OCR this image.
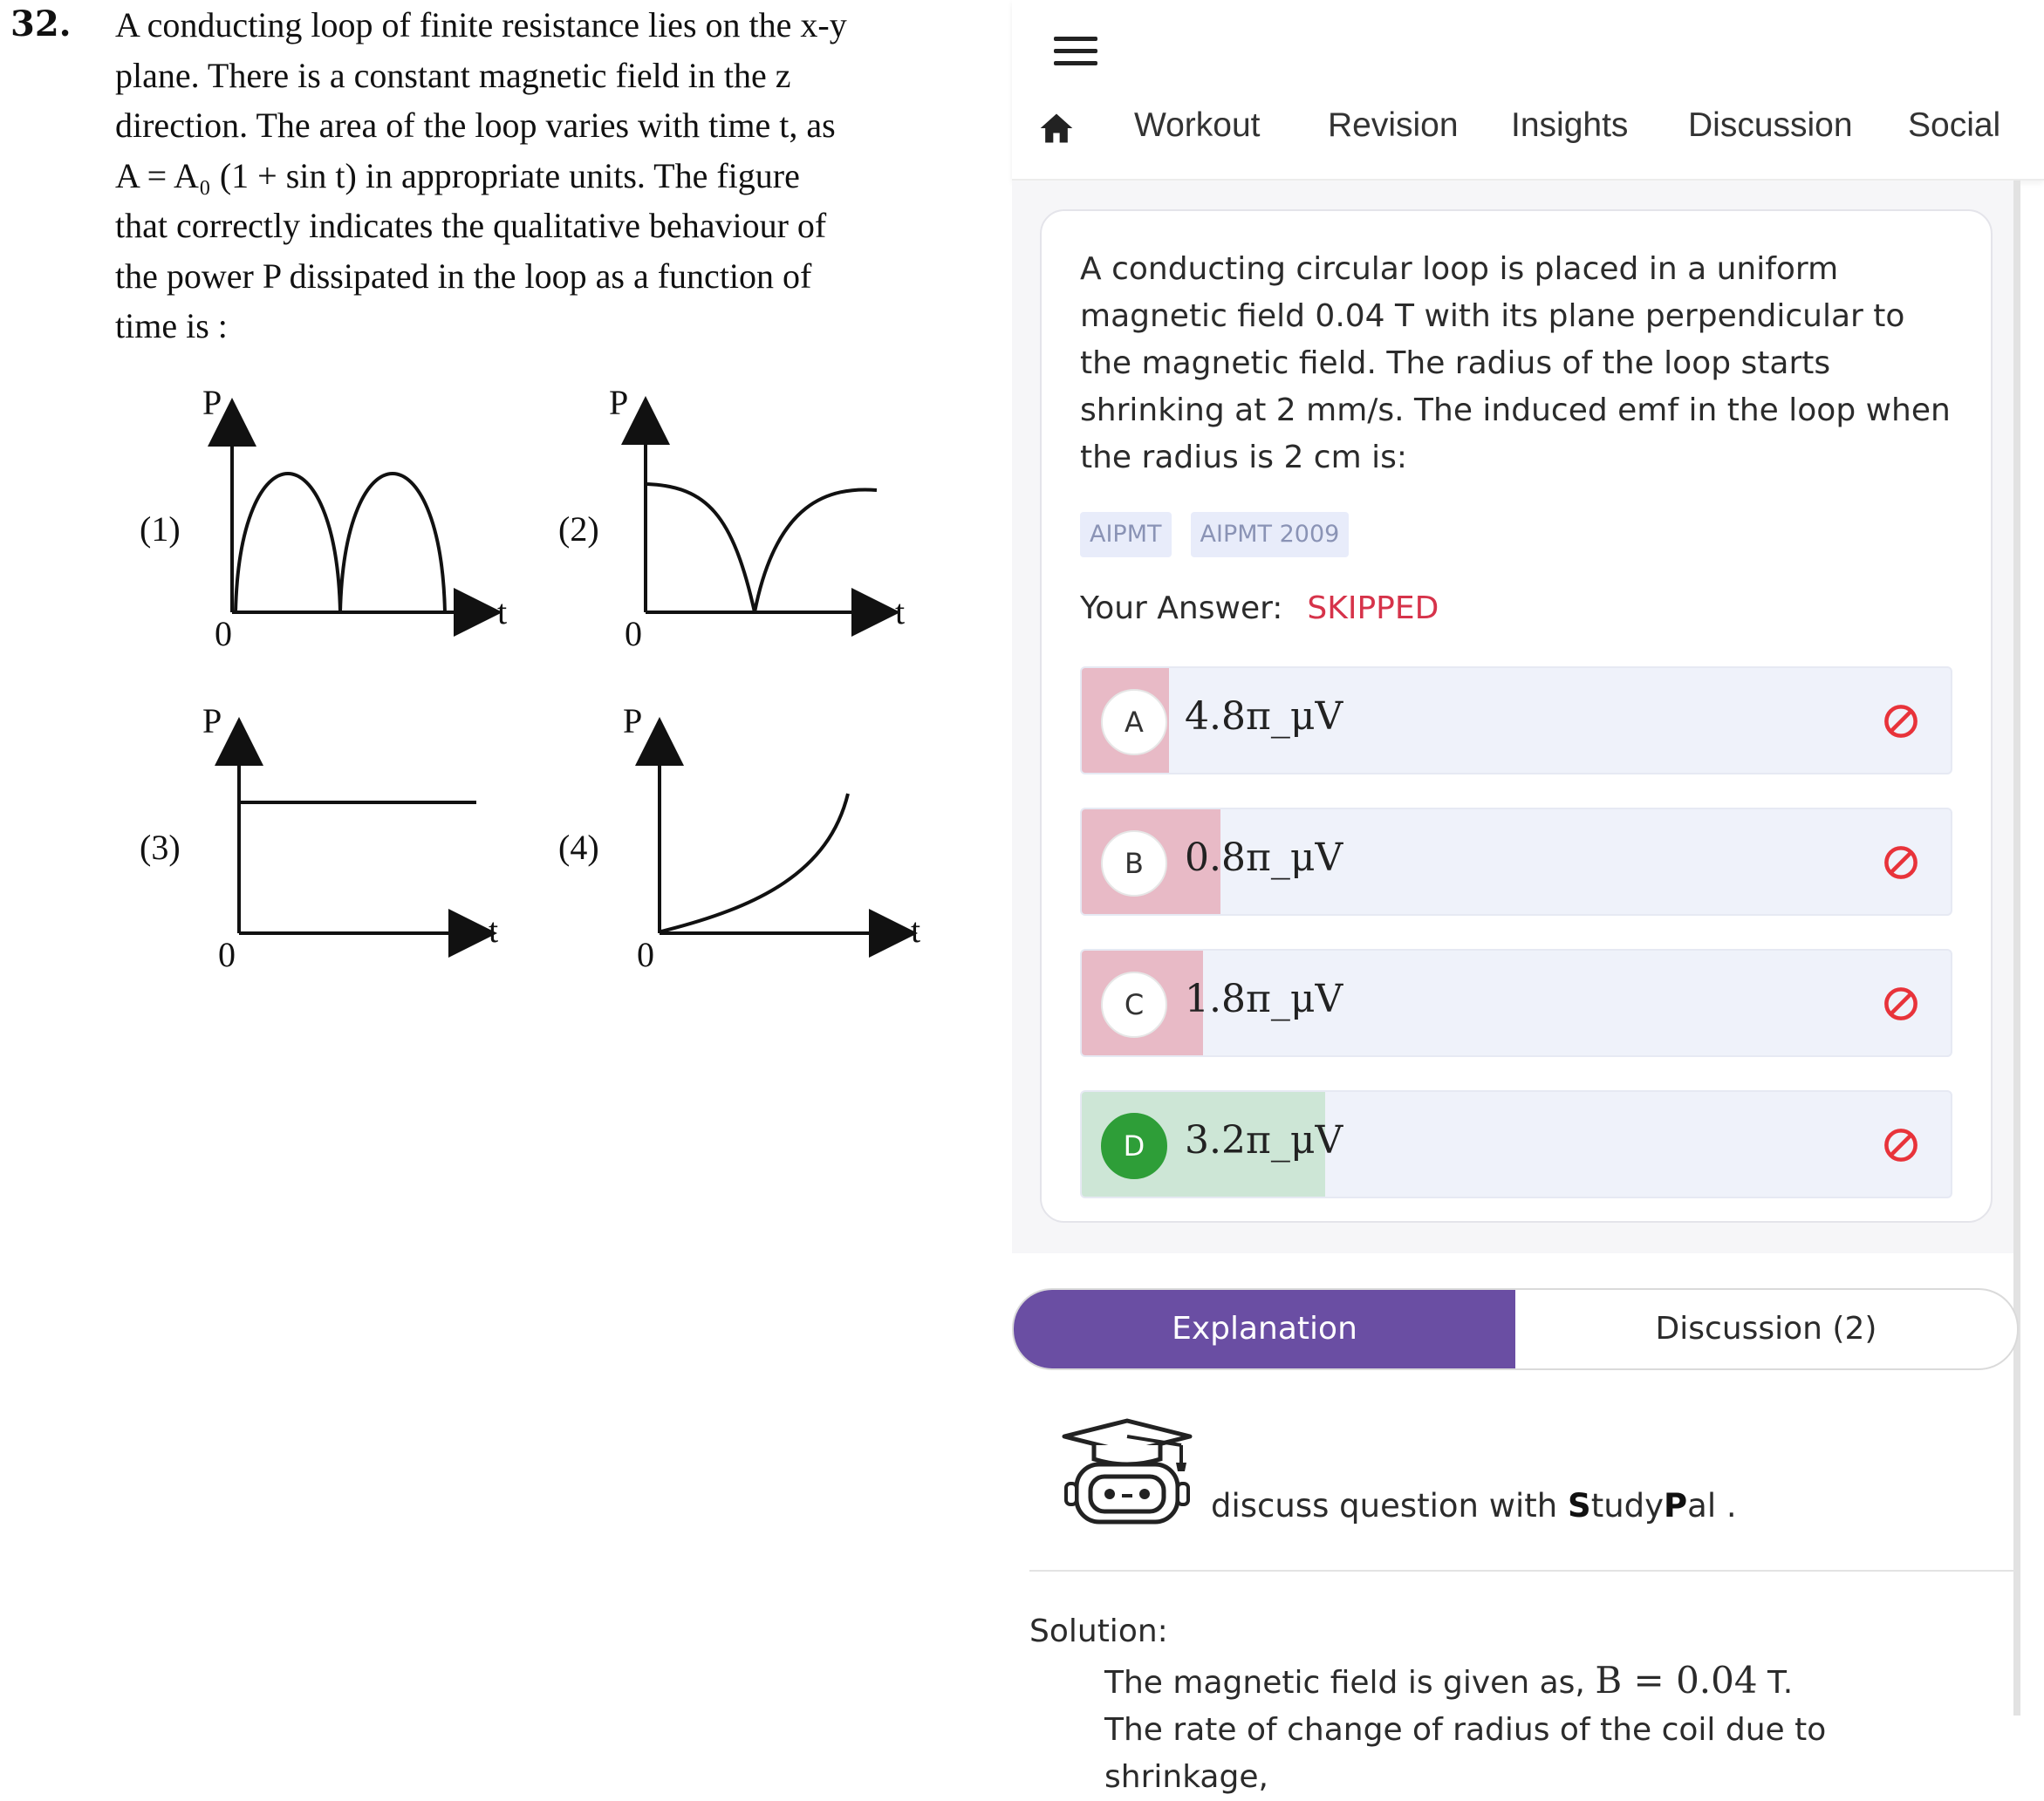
32. A conducting loop of finite resistance lies on the x-y
plane. There is a constant magnetic field in the z
direction. The area of the loop varies with time t, as
A = A₀ (1 + sin t) in appropriate units. The figure
that correctly indicates the qualitative behaviour of
the power P dissipated in the loop as a function of
time is :
(1)
P
t
0
(2)
P
t
0
(3)
P
t
0
(4)
P
t
0
Workout Revision Insights Discussion Social
A conducting circular loop is placed in a uniform magnetic field 0.04 T with its plane perpendicular to the magnetic field. The radius of the loop starts shrinking at 2 mm/s. The induced emf in the loop when the radius is 2 cm is:
AIPMT AIPMT 2009
Your Answer: SKIPPED
A	4.8π_μV
B	0.8π_μV
C	1.8π_μV
D	3.2π_μV
Explanation	Discussion (2)
discuss question with StudyPal .
Solution:
The magnetic field is given as, B = 0.04 T.
The rate of change of radius of the coil due to shrinkage,
